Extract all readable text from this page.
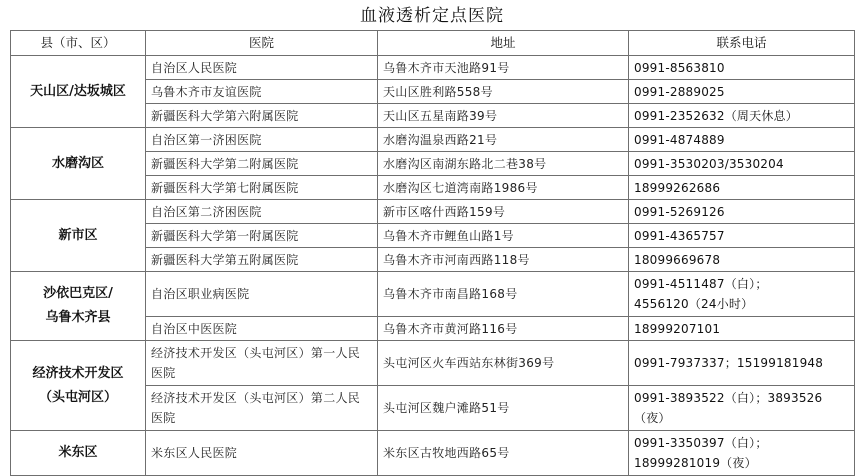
血液透析定点医院
县（市、区）	医院	地址	联系电话

天山区/达坂城区	自治区人民医院	乌鲁木齐市天池路91号	0991-8563810

	乌鲁木齐市友谊医院	天山区胜利路558号	0991-2889025

	新疆医科大学第六附属医院	天山区五星南路39号	0991-2352632（周天休息）

水磨沟区	自治区第一济困医院	水磨沟温泉西路21号	0991-4874889

	新疆医科大学第二附属医院	水磨沟区南湖东路北二巷38号	0991-3530203/3530204

	新疆医科大学第七附属医院	水磨沟区七道湾南路1986号	18999262686

新市区	自治区第二济困医院	新市区喀什西路159号	0991-5269126

	新疆医科大学第一附属医院	乌鲁木齐市鲤鱼山路1号	0991-4365757

	新疆医科大学第五附属医院	乌鲁木齐市河南西路118号	18099669678

沙依巴克区/
乌鲁木齐县	自治区职业病医院	乌鲁木齐市南昌路168号	0991-4511487（白）；
4556120（24小时）

	自治区中医医院	乌鲁木齐市黄河路116号	18999207101

经济技术开发区
（头屯河区）	经济技术开发区（头屯河区）第一人民医院	头屯河区火车西站东林街369号	0991-7937337；15199181948

	经济技术开发区（头屯河区）第二人民医院	头屯河区魏户滩路51号	0991-3893522（白）；3893526
（夜）

米东区	米东区人民医院	米东区古牧地西路65号	0991-3350397（白）；
18999281019（夜）
